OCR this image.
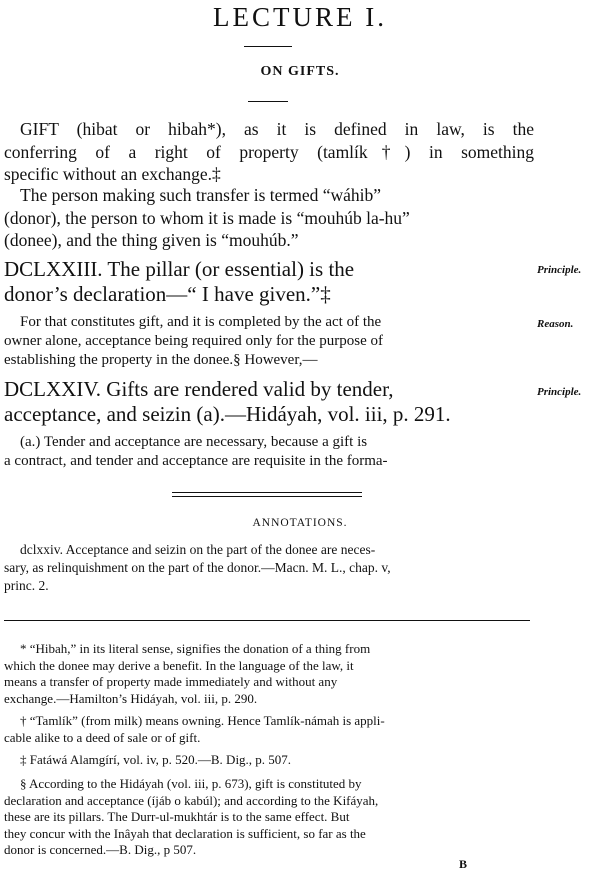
LECTURE I.
ON GIFTS.
GIFT (hibat or hibah*), as it is defined in law, is the
conferring of a right of property (tamlík†) in something
specific without an exchange.‡
The person making such transfer is termed “wáhib”
(donor), the person to whom it is made is “mouhúb la-hu”
(donee), and the thing given is “mouhúb.”
DCLXXIII. The pillar (or essential) is the
donor’s declaration—“ I have given.”‡
Principle.
For that constitutes gift, and it is completed by the act of the
owner alone, acceptance being required only for the purpose of
establishing the property in the donee.§ However,—
Reason.
DCLXXIV. Gifts are rendered valid by tender,
acceptance, and seizin (a).—Hidáyah, vol. iii, p. 291.
Principle.
(a.) Tender and acceptance are necessary, because a gift is
a contract, and tender and acceptance are requisite in the forma-
ANNOTATIONS.
dclxxiv. Acceptance and seizin on the part of the donee are neces-
sary, as relinquishment on the part of the donor.—Macn. M. L., chap. v,
princ. 2.
* “Hibah,” in its literal sense, signifies the donation of a thing from
which the donee may derive a benefit. In the language of the law, it
means a transfer of property made immediately and without any
exchange.—Hamilton’s Hidáyah, vol. iii, p. 290.
† “Tamlík” (from milk) means owning. Hence Tamlík-námah is appli-
cable alike to a deed of sale or of gift.
‡ Fatáwá Alamgírí, vol. iv, p. 520.—B. Dig., p. 507.
§ According to the Hidáyah (vol. iii, p. 673), gift is constituted by
declaration and acceptance (íjáb o kabúl); and according to the Kifáyah,
these are its pillars. The Durr-ul-mukhtár is to the same effect. But
they concur with the Inâyah that declaration is sufficient, so far as the
donor is concerned.—B. Dig., p 507.
B
